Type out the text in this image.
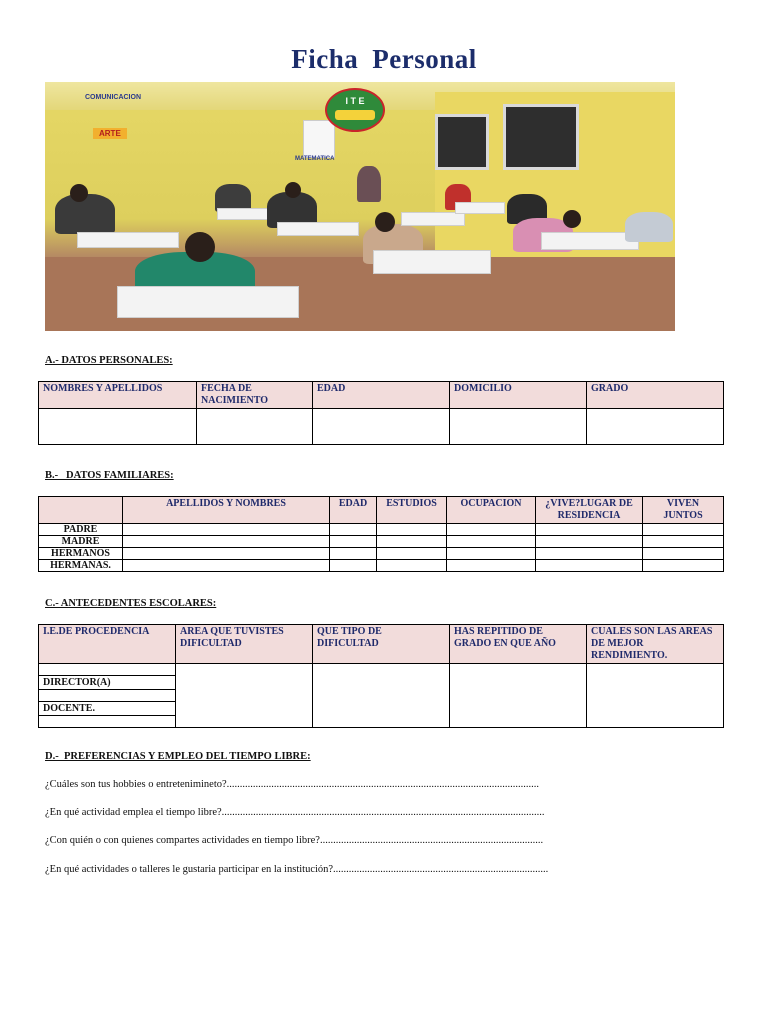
Ficha Personal
COMUNICACION
ARTE
MATEMATICA
I T E
A.- DATOS PERSONALES:
NOMBRES Y APELLIDOS	FECHA DE NACIMIENTO	EDAD	DOMICILIO	GRADO

B.-   DATOS FAMILIARES:
	APELLIDOS Y NOMBRES	EDAD	ESTUDIOS	OCUPACION	¿VIVE?LUGAR DE RESIDENCIA	VIVEN JUNTOS
PADRE						
MADRE						
HERMANOS						
HERMANAS.						
C.- ANTECEDENTES ESCOLARES:
I.E.DE PROCEDENCIA	AREA QUE TUVISTES DIFICULTAD	QUE TIPO DE DIFICULTAD	HAS REPITIDO DE GRADO EN QUE AÑO	CUALES SON LAS AREAS DE MEJOR RENDIMIENTO.

DIRECTOR(A)				

DOCENTE.				

D.-  PREFERENCIAS Y EMPLEO DEL TIEMPO LIBRE:
¿Cuáles son tus hobbies o entretenimineto?.......................................................................................................................
¿En qué actividad emplea el tiempo libre?...........................................................................................................................
¿Con quién o con quienes compartes actividades en tiempo libre?.....................................................................................
¿En qué actividades o talleres le gustaria participar en la institución?..................................................................................
